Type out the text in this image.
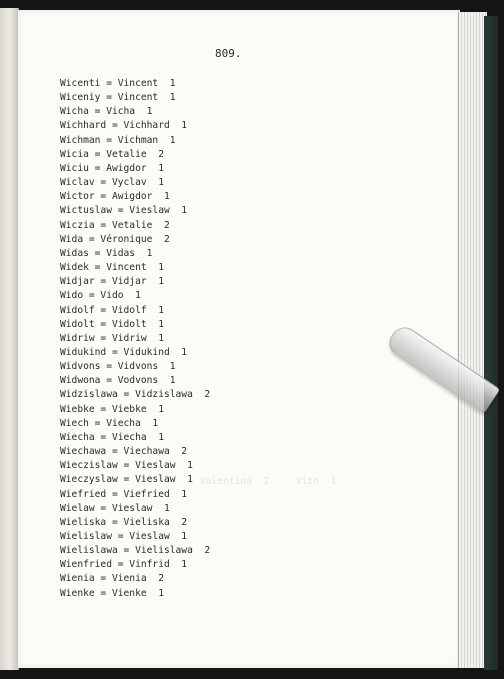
809.
Valentina  2	Vito  1
Wicenti = Vincent  1
Wiceniy = Vincent  1
Wicha = Vicha  1
Wichhard = Vichhard  1
Wichman = Vichman  1
Wicia = Vetalie  2
Wiciu = Awigdor  1
Wiclav = Vyclav  1
Wictor = Awigdor  1
Wictuslaw = Vieslaw  1
Wiczia = Vetalie  2
Wida = Véronique  2
Widas = Vidas  1
Widek = Vincent  1
Widjar = Vidjar  1
Wido = Vido  1
Widolf = Vidolf  1
Widolt = Vidolt  1
Widriw = Vidriw  1
Widukind = Vidukind  1
Widvons = Vidvons  1
Widwona = Vodvons  1
Widzislawa = Vidzislawa  2
Wiebke = Viebke  1
Wiech = Viecha  1
Wiecha = Viecha  1
Wiechawa = Viechawa  2
Wieczislaw = Vieslaw  1
Wieczyslaw = Vieslaw  1
Wiefried = Viefried  1
Wielaw = Vieslaw  1
Wieliska = Vieliska  2
Wielislaw = Vieslaw  1
Wielislawa = Vielislawa  2
Wienfried = Vinfrid  1
Wienia = Vienia  2
Wienke = Vienke  1
